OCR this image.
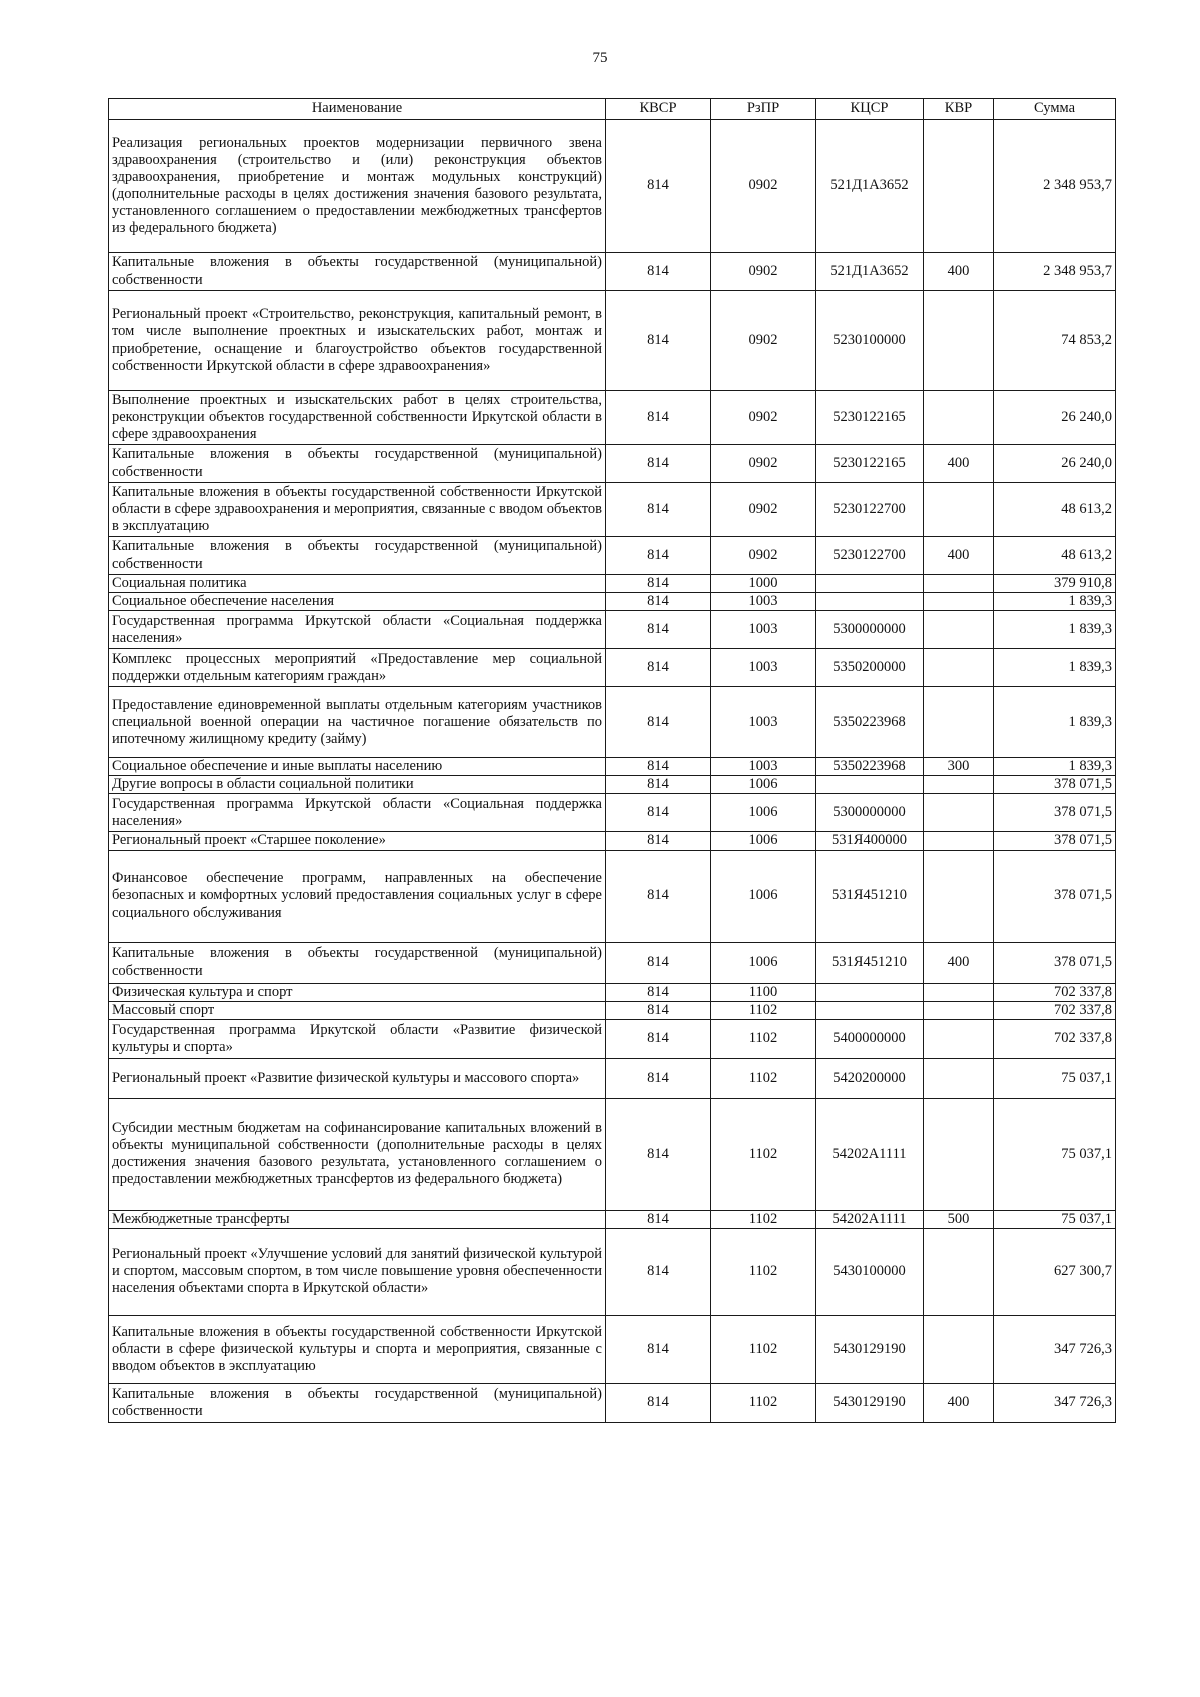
75
Наименование	КВСР	РзПР	КЦСР	КВР	Сумма
Реализация региональных проектов модернизации первичного звена здравоохранения (строительство и (или) реконструкция объектов здравоохранения, приобретение и монтаж модульных конструкций) (дополнительные расходы в целях достижения значения базового результата, установленного соглашением о предоставлении межбюджетных трансфертов из федерального бюджета)	814	0902	521Д1А3652		2 348 953,7
Капитальные вложения в объекты государственной (муниципальной) собственности	814	0902	521Д1А3652	400	2 348 953,7
Региональный проект «Строительство, реконструкция, капитальный ремонт, в том числе выполнение проектных и изыскательских работ, монтаж и приобретение, оснащение и благоустройство объектов государственной собственности Иркутской области в сфере здравоохранения»	814	0902	5230100000		74 853,2
Выполнение проектных и изыскательских работ в целях строительства, реконструкции объектов государственной собственности Иркутской области в сфере здравоохранения	814	0902	5230122165		26 240,0
Капитальные вложения в объекты государственной (муниципальной) собственности	814	0902	5230122165	400	26 240,0
Капитальные вложения в объекты государственной собственности Иркутской области в сфере здравоохранения и мероприятия, связанные с вводом объектов в эксплуатацию	814	0902	5230122700		48 613,2
Капитальные вложения в объекты государственной (муниципальной) собственности	814	0902	5230122700	400	48 613,2
Социальная политика	814	1000			379 910,8
Социальное обеспечение населения	814	1003			1 839,3
Государственная программа Иркутской области «Социальная поддержка населения»	814	1003	5300000000		1 839,3
Комплекс процессных мероприятий «Предоставление мер социальной поддержки отдельным категориям граждан»	814	1003	5350200000		1 839,3
Предоставление единовременной выплаты отдельным категориям участников специальной военной операции на частичное погашение обязательств по ипотечному жилищному кредиту (займу)	814	1003	5350223968		1 839,3
Социальное обеспечение и иные выплаты населению	814	1003	5350223968	300	1 839,3
Другие вопросы в области социальной политики	814	1006			378 071,5
Государственная программа Иркутской области «Социальная поддержка населения»	814	1006	5300000000		378 071,5
Региональный проект «Старшее поколение»	814	1006	531Я400000		378 071,5
Финансовое обеспечение программ, направленных на обеспечение безопасных и комфортных условий предоставления социальных услуг в сфере социального обслуживания	814	1006	531Я451210		378 071,5
Капитальные вложения в объекты государственной (муниципальной) собственности	814	1006	531Я451210	400	378 071,5
Физическая культура и спорт	814	1100			702 337,8
Массовый спорт	814	1102			702 337,8
Государственная программа Иркутской области «Развитие физической культуры и спорта»	814	1102	5400000000		702 337,8
Региональный проект «Развитие физической культуры и массового спорта»	814	1102	5420200000		75 037,1
Субсидии местным бюджетам на софинансирование капитальных вложений в объекты муниципальной собственности (дополнительные расходы в целях достижения значения базового результата, установленного соглашением о предоставлении межбюджетных трансфертов из федерального бюджета)	814	1102	54202А1111		75 037,1
Межбюджетные трансферты	814	1102	54202А1111	500	75 037,1
Региональный проект «Улучшение условий для занятий физической культурой и спортом, массовым спортом, в том числе повышение уровня обеспеченности населения объектами спорта в Иркутской области»	814	1102	5430100000		627 300,7
Капитальные вложения в объекты государственной собственности Иркутской области в сфере физической культуры и спорта и мероприятия, связанные с вводом объектов в эксплуатацию	814	1102	5430129190		347 726,3
Капитальные вложения в объекты государственной (муниципальной) собственности	814	1102	5430129190	400	347 726,3
